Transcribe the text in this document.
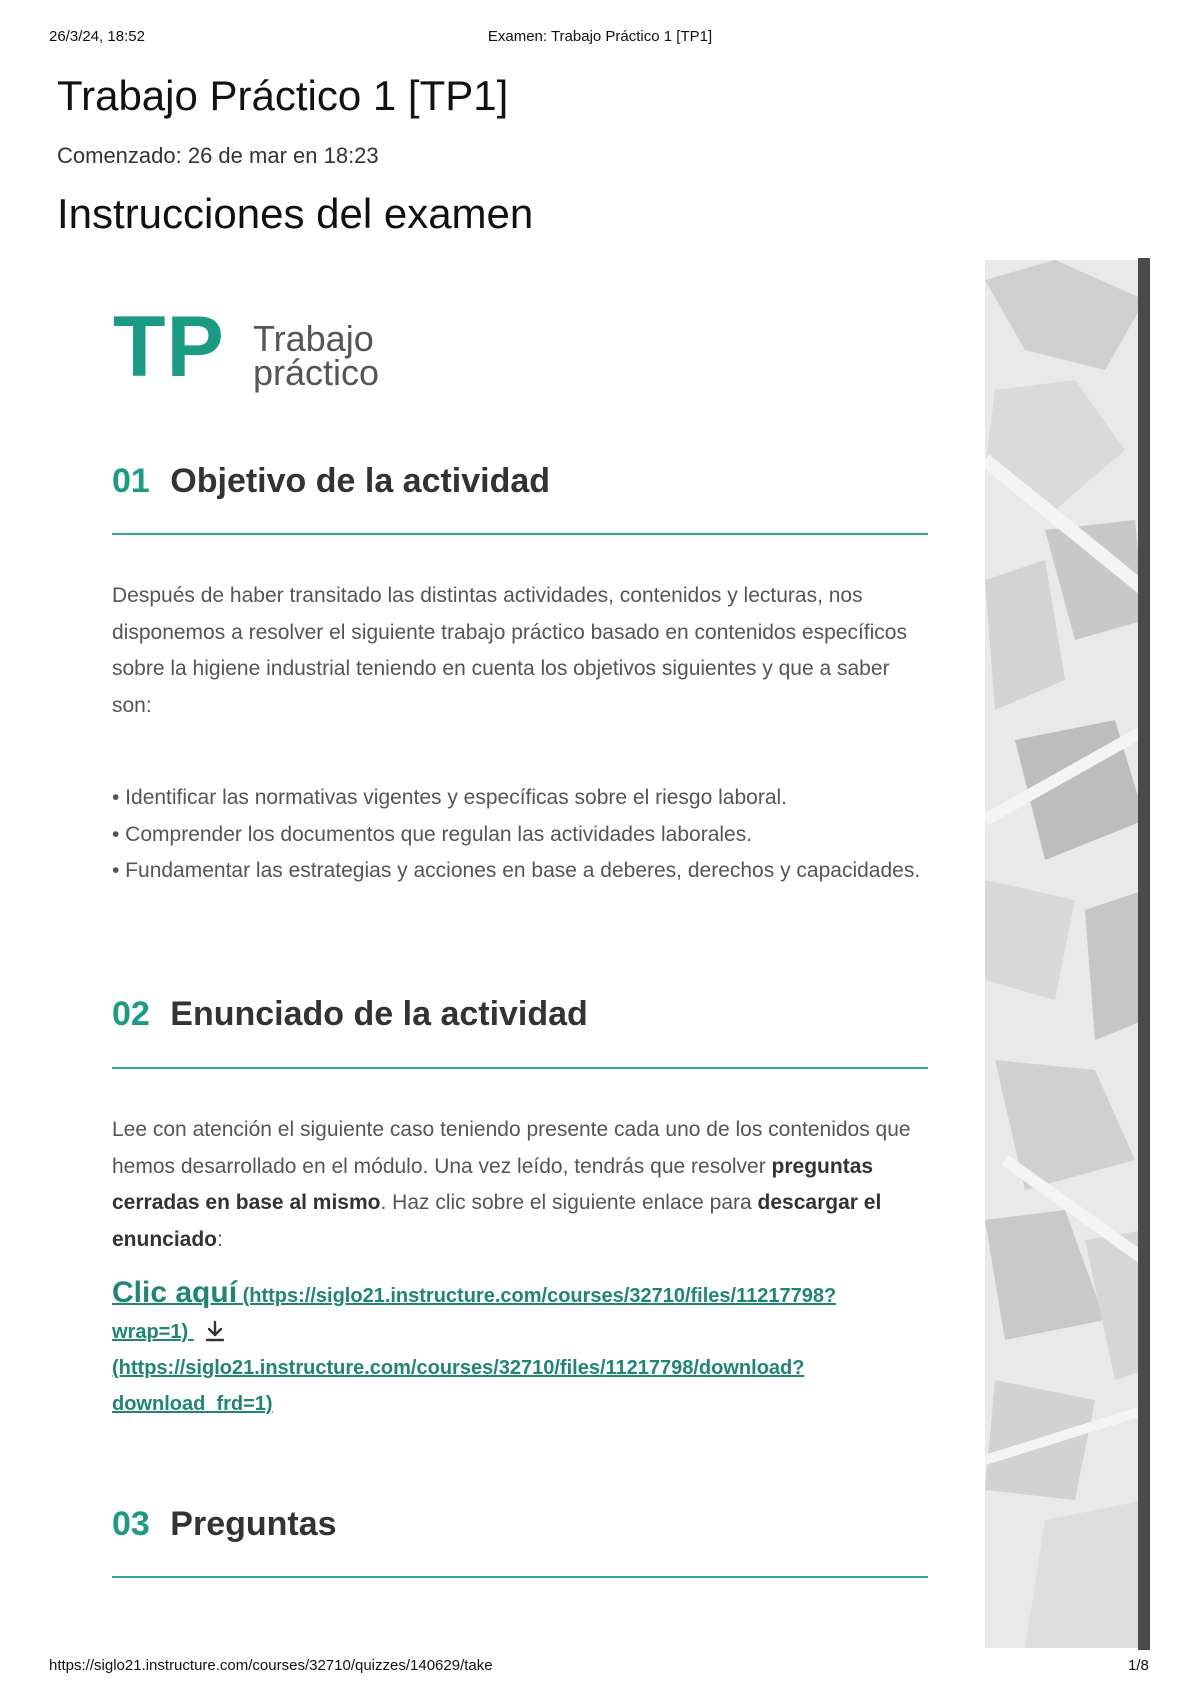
26/3/24, 18:52	Examen: Trabajo Práctico 1 [TP1]
Trabajo Práctico 1 [TP1]
Comenzado: 26 de mar en 18:23
Instrucciones del examen
TP Trabajo
práctico
01 Objetivo de la actividad

Después de haber transitado las distintas actividades, contenidos y lecturas, nos disponemos a resolver el siguiente trabajo práctico basado en contenidos específicos sobre la higiene industrial teniendo en cuenta los objetivos siguientes y que a saber son:

• Identificar las normativas vigentes y específicas sobre el riesgo laboral.
• Comprender los documentos que regulan las actividades laborales.
• Fundamentar las estrategias y acciones en base a deberes, derechos y capacidades.

02 Enunciado de la actividad

Lee con atención el siguiente caso teniendo presente cada uno de los contenidos que hemos desarrollado en el módulo. Una vez leído, tendrás que resolver preguntas cerradas en base al mismo. Haz clic sobre el siguiente enlace para descargar el enunciado:

Clic aquí (https://siglo21.instructure.com/courses/32710/files/11217798?
wrap=1)
(https://siglo21.instructure.com/courses/32710/files/11217798/download?
download_frd=1)
03 Preguntas
https://siglo21.instructure.com/courses/32710/quizzes/140629/take	1/8
